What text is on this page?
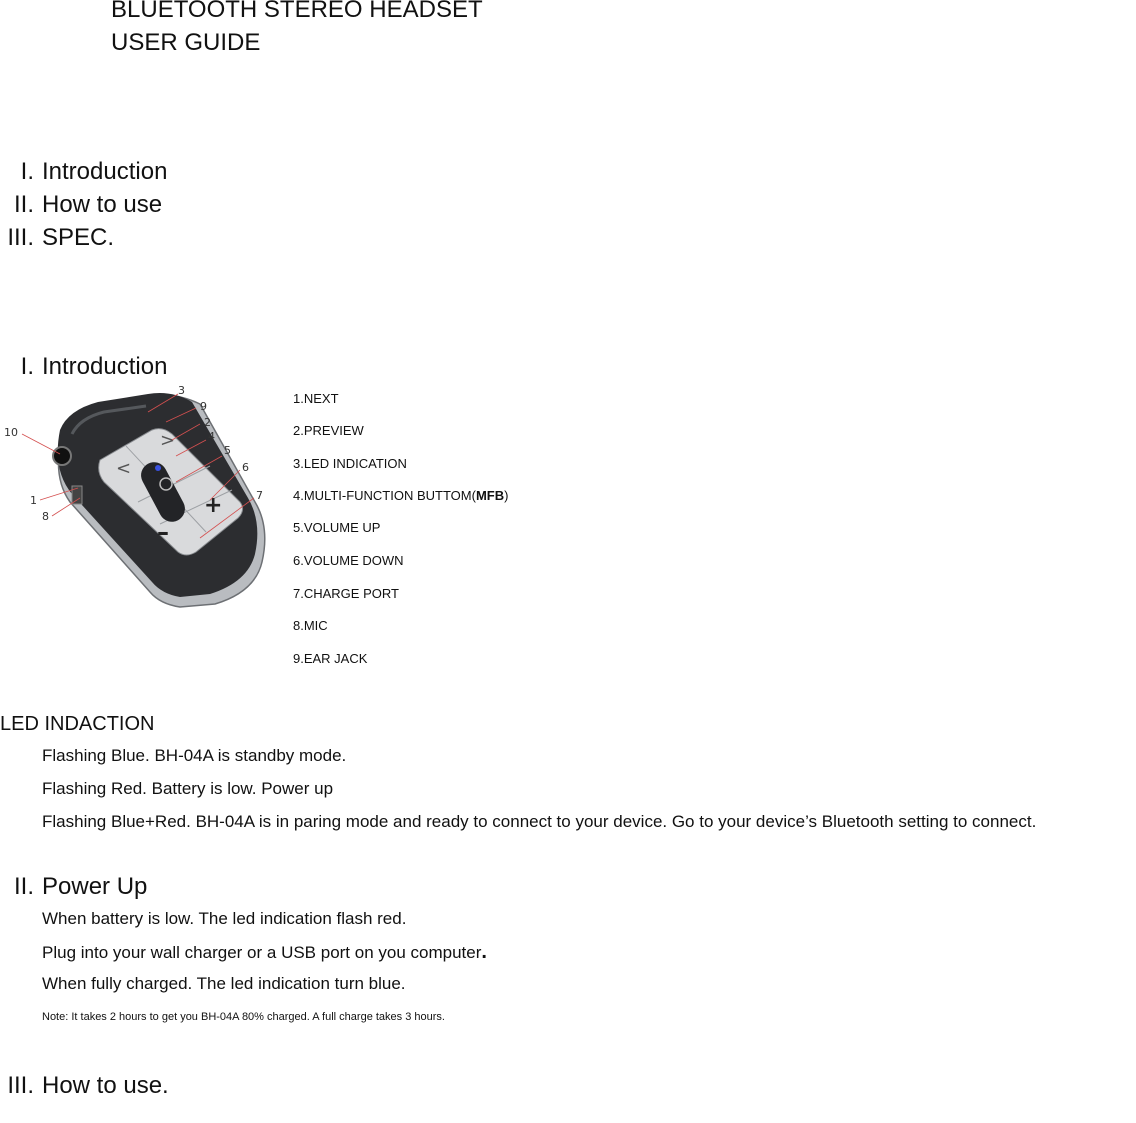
BLUETOOTH STEREO HEADSET
USER GUIDE
I. Introduction
II. How to use
III. SPEC.
I. Introduction
<
>
+
–
10
1
8
3
9
2
4
5
6
7
1.NEXT
2.PREVIEW
3.LED INDICATION
4.MULTI-FUNCTION BUTTOM(MFB)
5.VOLUME UP
6.VOLUME DOWN
7.CHARGE PORT
8.MIC
9.EAR JACK
LED INDACTION
Flashing Blue. BH-04A is standby mode.
Flashing Red. Battery is low. Power up
Flashing Blue+Red. BH-04A is in paring mode and ready to connect to your device. Go to your device’s Bluetooth setting to connect.
II. Power Up
When battery is low. The led indication flash red.
Plug into your wall charger or a USB port on you computer.
When fully charged. The led indication turn blue.
Note: It takes 2 hours to get you BH-04A 80% charged. A full charge takes 3 hours.
III. How to use.
